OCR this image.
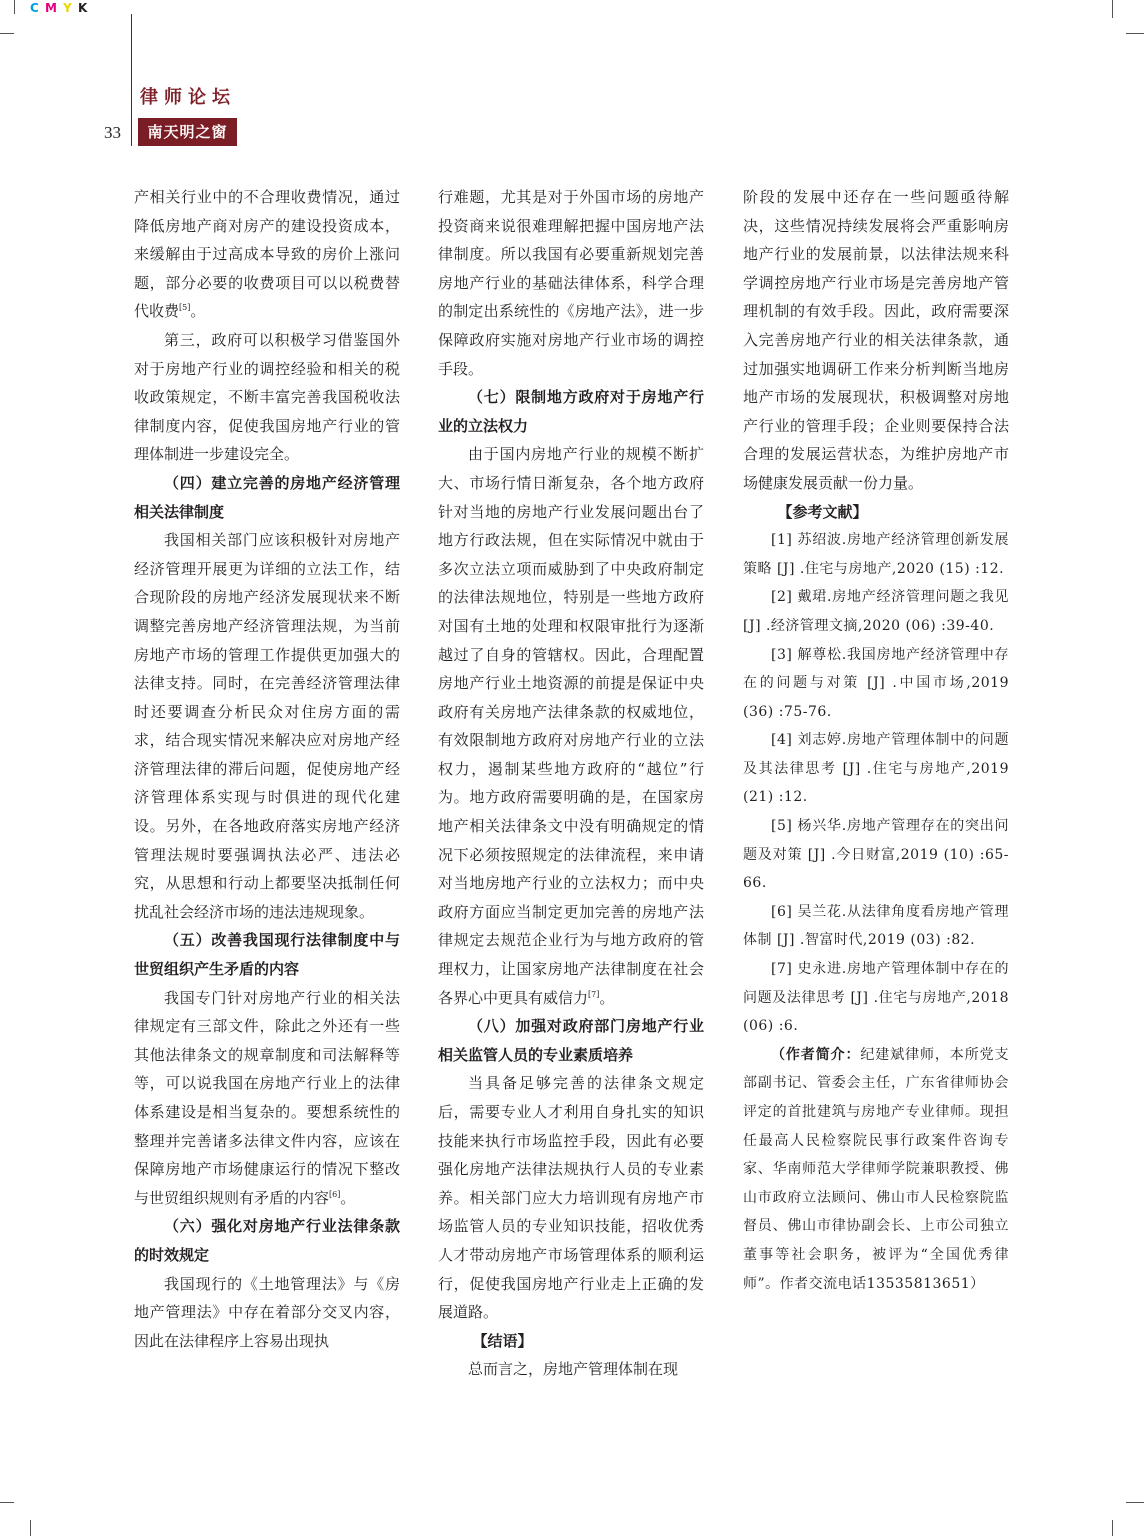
C M Y K
律师论坛
33	南天明之窗

产相关行业中的不合理收费情况，通过降低房地产商对房产的建设投资成本，来缓解由于过高成本导致的房价上涨问题，部分必要的收费项目可以以税费替代收费[5]。

第三，政府可以积极学习借鉴国外对于房地产行业的调控经验和相关的税收政策规定，不断丰富完善我国税收法律制度内容，促使我国房地产行业的管理体制进一步建设完全。

（四）建立完善的房地产经济管理相关法律制度

我国相关部门应该积极针对房地产经济管理开展更为详细的立法工作，结合现阶段的房地产经济发展现状来不断调整完善房地产经济管理法规，为当前房地产市场的管理工作提供更加强大的法律支持。同时，在完善经济管理法律时还要调查分析民众对住房方面的需求，结合现实情况来解决应对房地产经济管理法律的滞后问题，促使房地产经济管理体系实现与时俱进的现代化建设。另外，在各地政府落实房地产经济管理法规时要强调执法必严、违法必究，从思想和行动上都要坚决抵制任何扰乱社会经济市场的违法违规现象。

（五）改善我国现行法律制度中与世贸组织产生矛盾的内容

我国专门针对房地产行业的相关法律规定有三部文件，除此之外还有一些其他法律条文的规章制度和司法解释等等，可以说我国在房地产行业上的法律体系建设是相当复杂的。要想系统性的整理并完善诸多法律文件内容，应该在保障房地产市场健康运行的情况下整改与世贸组织规则有矛盾的内容[6]。

（六）强化对房地产行业法律条款的时效规定

我国现行的《土地管理法》与《房地产管理法》中存在着部分交叉内容，因此在法律程序上容易出现执

行难题，尤其是对于外国市场的房地产投资商来说很难理解把握中国房地产法律制度。所以我国有必要重新规划完善房地产行业的基础法律体系，科学合理的制定出系统性的《房地产法》，进一步保障政府实施对房地产行业市场的调控手段。

（七）限制地方政府对于房地产行业的立法权力

由于国内房地产行业的规模不断扩大、市场行情日渐复杂，各个地方政府针对当地的房地产行业发展问题出台了地方行政法规，但在实际情况中就由于多次立法立项而威胁到了中央政府制定的法律法规地位，特别是一些地方政府对国有土地的处理和权限审批行为逐渐越过了自身的管辖权。因此，合理配置房地产行业土地资源的前提是保证中央政府有关房地产法律条款的权威地位，有效限制地方政府对房地产行业的立法权力，遏制某些地方政府的“越位”行为。地方政府需要明确的是，在国家房地产相关法律条文中没有明确规定的情况下必须按照规定的法律流程，来申请对当地房地产行业的立法权力；而中央政府方面应当制定更加完善的房地产法律规定去规范企业行为与地方政府的管理权力，让国家房地产法律制度在社会各界心中更具有威信力[7]。

（八）加强对政府部门房地产行业相关监管人员的专业素质培养

当具备足够完善的法律条文规定后，需要专业人才利用自身扎实的知识技能来执行市场监控手段，因此有必要强化房地产法律法规执行人员的专业素养。相关部门应大力培训现有房地产市场监管人员的专业知识技能，招收优秀人才带动房地产市场管理体系的顺利运行，促使我国房地产行业走上正确的发展道路。

【结语】

总而言之，房地产管理体制在现

阶段的发展中还存在一些问题亟待解决，这些情况持续发展将会严重影响房地产行业的发展前景，以法律法规来科学调控房地产行业市场是完善房地产管理机制的有效手段。因此，政府需要深入完善房地产行业的相关法律条款，通过加强实地调研工作来分析判断当地房地产市场的发展现状，积极调整对房地产行业的管理手段；企业则要保持合法合理的发展运营状态，为维护房地产市场健康发展贡献一份力量。

【参考文献】

[1] 苏绍波.房地产经济管理创新发展策略 [J] .住宅与房地产,2020 (15) :12.

[2] 戴珺.房地产经济管理问题之我见 [J] .经济管理文摘,2020 (06) :39-40.

[3] 解尊松.我国房地产经济管理中存在的问题与对策 [J] .中国市场,2019 (36) :75-76.

[4] 刘志婷.房地产管理体制中的问题及其法律思考 [J] .住宅与房地产,2019 (21) :12.

[5] 杨兴华.房地产管理存在的突出问题及对策 [J] .今日财富,2019 (10) :65-66.

[6] 吴兰花.从法律角度看房地产管理体制 [J] .智富时代,2019 (03) :82.

[7] 史永进.房地产管理体制中存在的问题及法律思考 [J] .住宅与房地产,2018 (06) :6.

（作者简介：纪建斌律师，本所党支部副书记、管委会主任，广东省律师协会评定的首批建筑与房地产专业律师。现担任最高人民检察院民事行政案件咨询专家、华南师范大学律师学院兼职教授、佛山市政府立法顾问、佛山市人民检察院监督员、佛山市律协副会长、上市公司独立董事等社会职务，被评为“全国优秀律师”。作者交流电话13535813651）
